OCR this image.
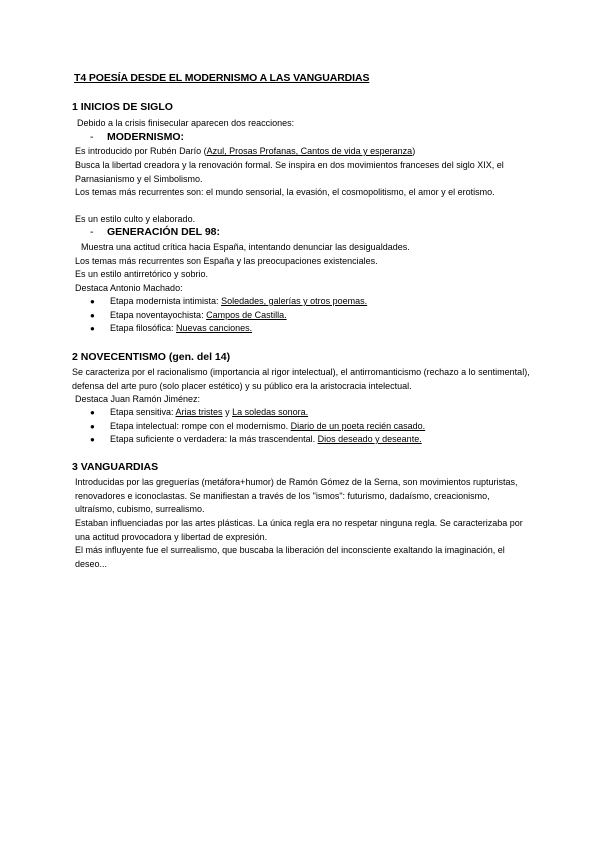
T4 POESÍA DESDE EL MODERNISMO A LAS VANGUARDIAS
1 INICIOS DE SIGLO
Debido a la crisis finisecular aparecen dos reacciones:
- MODERNISMO:
Es introducido por Rubén Darío (Azul, Prosas Profanas, Cantos de vida y esperanza)
Busca la libertad creadora y la renovación formal. Se inspira en dos movimientos franceses del siglo XIX, el Parnasianismo y el Simbolismo.
Los temas más recurrentes son: el mundo sensorial, la evasión, el cosmopolitismo, el amor y el erotismo.
Es un estilo culto y elaborado.
- GENERACIÓN DEL 98:
Muestra una actitud crítica hacia España, intentando denunciar las desigualdades.
Los temas más recurrentes son España y las preocupaciones existenciales.
Es un estilo antirretórico y sobrio.
Destaca Antonio Machado:
● Etapa modernista intimista: Soledades, galerías y otros poemas.
● Etapa noventayochista: Campos de Castilla.
● Etapa filosófica: Nuevas canciones.
2 NOVECENTISMO (gen. del 14)
Se caracteriza por el racionalismo (importancia al rigor intelectual), el antirromanticismo (rechazo a lo sentimental), defensa del arte puro (solo placer estético) y su público era la aristocracia intelectual.
Destaca Juan Ramón Jiménez:
● Etapa sensitiva: Arias tristes y La soledas sonora.
● Etapa intelectual: rompe con el modernismo. Diario de un poeta recién casado.
● Etapa suficiente o verdadera: la más trascendental. Dios deseado y deseante.
3 VANGUARDIAS
Introducidas por las greguerías (metáfora+humor) de Ramón Gómez de la Serna, son movimientos rupturistas, renovadores e iconoclastas. Se manifiestan a través de los "ismos": futurismo, dadaísmo, creacionismo, ultraísmo, cubismo, surrealismo.
Estaban influenciadas por las artes plásticas. La única regla era no respetar ninguna regla. Se caracterizaba por una actitud provocadora y libertad de expresión.
El más influyente fue el surrealismo, que buscaba la liberación del inconsciente exaltando la imaginación, el deseo...
